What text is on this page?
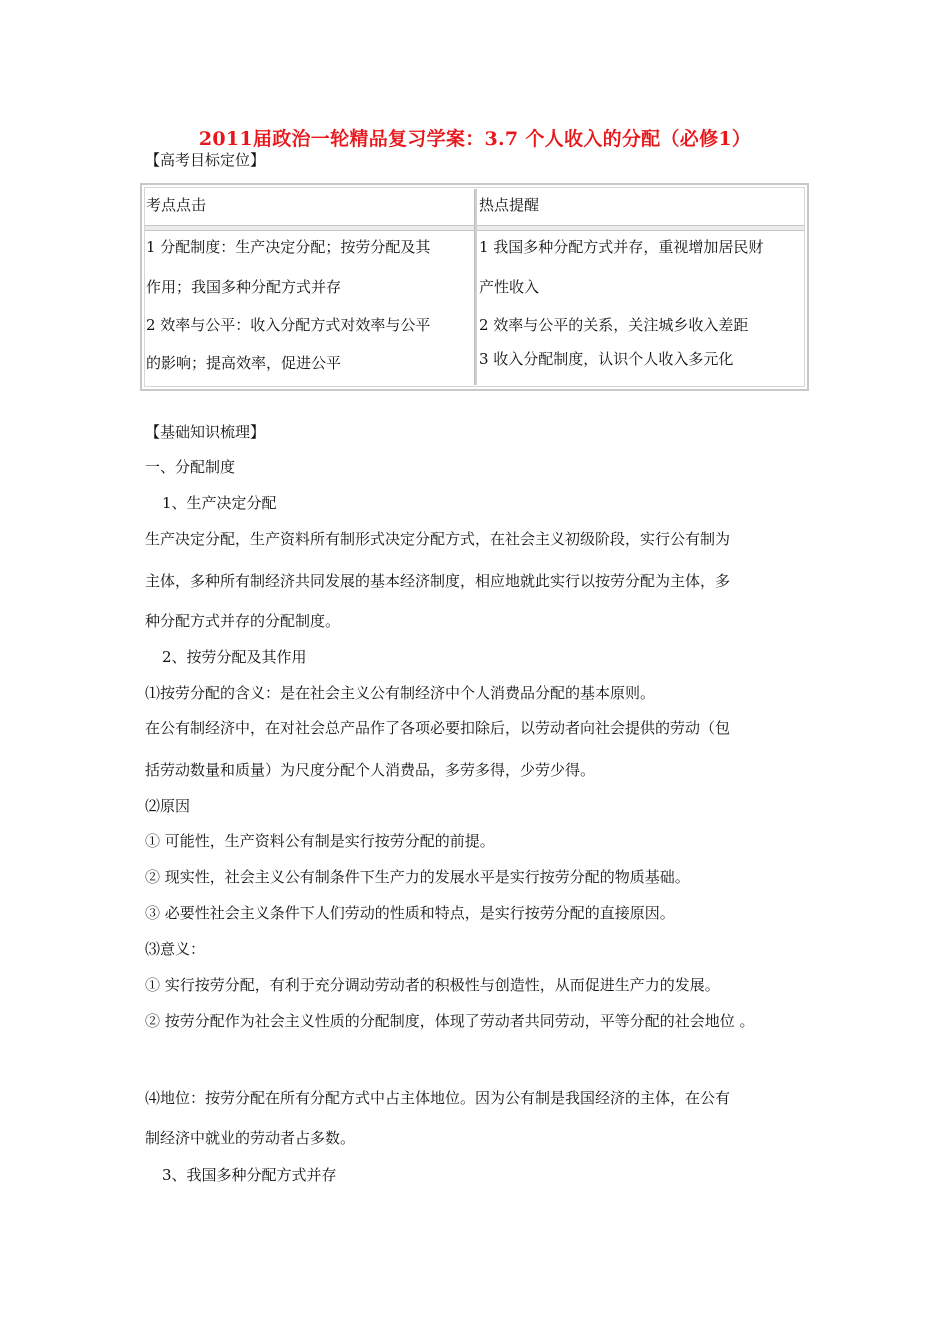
2011届政治一轮精品复习学案：3.7 个人收入的分配（必修1）
【高考目标定位】
考点点击	热点提醒
1 分配制度：生产决定分配；按劳分配及其
作用；我国多种分配方式并存
2 效率与公平：收入分配方式对效率与公平
的影响；提高效率，促进公平
1 我国多种分配方式并存，重视增加居民财
产性收入
2 效率与公平的关系，关注城乡收入差距
3 收入分配制度，认识个人收入多元化
【基础知识梳理】
一、分配制度
1、生产决定分配
生产决定分配，生产资料所有制形式决定分配方式，在社会主义初级阶段，实行公有制为
主体，多种所有制经济共同发展的基本经济制度，相应地就此实行以按劳分配为主体，多
种分配方式并存的分配制度。
2、按劳分配及其作用
⑴按劳分配的含义：是在社会主义公有制经济中个人消费品分配的基本原则。
在公有制经济中，在对社会总产品作了各项必要扣除后，以劳动者向社会提供的劳动（包
括劳动数量和质量）为尺度分配个人消费品，多劳多得，少劳少得。
⑵原因
① 可能性，生产资料公有制是实行按劳分配的前提。
② 现实性，社会主义公有制条件下生产力的发展水平是实行按劳分配的物质基础。
③ 必要性社会主义条件下人们劳动的性质和特点，是实行按劳分配的直接原因。
⑶意义：
① 实行按劳分配，有利于充分调动劳动者的积极性与创造性，从而促进生产力的发展。
② 按劳分配作为社会主义性质的分配制度，体现了劳动者共同劳动，平等分配的社会地位 。
⑷地位：按劳分配在所有分配方式中占主体地位。因为公有制是我国经济的主体，在公有
制经济中就业的劳动者占多数。
3、我国多种分配方式并存
